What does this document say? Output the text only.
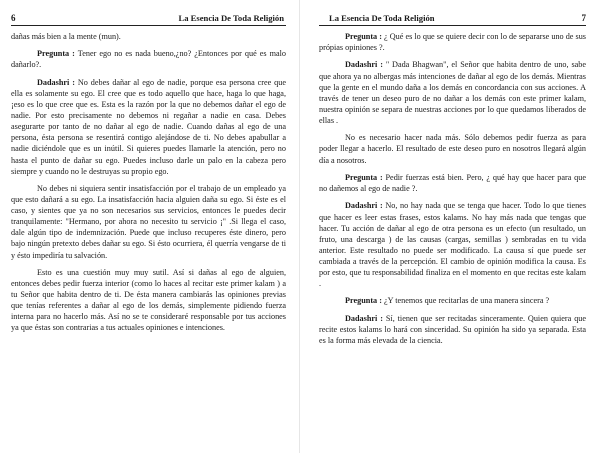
6	La Esencia De Toda Religión

dañas más bien a la mente (mun).

Pregunta : Tener ego no es nada bueno,¿no? ¿Entonces por qué es malo dañarlo?.

Dadashri : No debes dañar al ego de nadie, porque esa persona cree que ella es solamente su ego. El cree que es todo aquello que hace, haga lo que haga, ¡eso es lo que cree que es. Esta es la razón por la que no debemos dañar el ego de nadie. Por esto precisamente no debemos ni regañar a nadie en casa. Debes asegurarte por tanto de no dañar al ego de nadie. Cuando dañas al ego de una persona, ésta persona se resentirá contigo alejándose de ti. No debes apabullar a nadie diciéndole que es un inútil. Si quieres puedes llamarle la atención, pero no hasta el punto de dañar su ego. Puedes incluso darle un palo en la cabeza pero siempre y cuando no le destruyas su propio ego.

No debes ni siquiera sentir insatisfacción por el trabajo de un empleado ya que esto dañará a su ego. La insatisfacción hacia alguien daña su ego. Si éste es el caso, y sientes que ya no son necesarios sus servicios, entonces le puedes decir tranquilamente: "Hermano, por ahora no necesito tu servicio ¡" .Si llega el caso, dale algún tipo de indemnización. Puede que incluso recuperes éste dinero, pero bajo ningún pretexto debes dañar su ego. Si ésto ocurriera, él querría vengarse de ti y ésto impediría tu salvación.

Esto es una cuestión muy muy sutil. Así si dañas al ego de alguien, entonces debes pedir fuerza interior (como lo haces al recitar este primer kalam ) a tu Señor que habita dentro de ti. De ésta manera cambiarás las opiniones previas que tenías referentes a dañar al ego de los demás, simplemente pidiendo fuerza interna para no hacerlo más. Así no se te consideraré responsable por tus acciones ya que éstas son contrarias a tus actuales opiniones e intenciones.

La Esencia De Toda Religión	7

Pregunta : ¿ Qué es lo que se quiere decir con lo de separarse uno de sus própias opiniones ?.

Dadashri : " Dada Bhagwan", el Señor que habita dentro de uno, sabe que ahora ya no albergas más intenciones de dañar al ego de los demás. Mientras que la gente en el mundo daña a los demás en concordancia con sus acciones. A través de tener un deseo puro de no dañar a los demás con este primer kalam, nuestra opinión se separa de nuestras acciones por lo que quedamos liberados de ellas .

No es necesario hacer nada más. Sólo debemos pedir fuerza as para poder llegar a hacerlo. El resultado de este deseo puro en nosotros llegará algún día a nosotros.

Pregunta : Pedir fuerzas está bien. Pero, ¿ qué hay que hacer para que no dañemos al ego de nadie ?.

Dadashri : No, no hay nada que se tenga que hacer. Todo lo que tienes que hacer es leer estas frases, estos kalams. No hay más nada que tengas que hacer. Tu acción de dañar al ego de otra persona es un efecto (un resultado, un fruto, una descarga ) de las causas (cargas, semillas ) sembradas en tu vida anterior. Este resultado no puede ser modificado. La causa sí que puede ser cambiada a través de la percepción. El cambio de opinión modifica la causa. Es por esto, que tu responsabilidad finaliza en el momento en que recitas este kalam .

Pregunta : ¿Y tenemos que recitarlas de una manera sincera ?

Dadashri : Sí, tienen que ser recitadas sinceramente. Quien quiera que recite estos kalams lo hará con sinceridad. Su opinión ha sido ya separada. Esta es la forma más elevada de la ciencia.
